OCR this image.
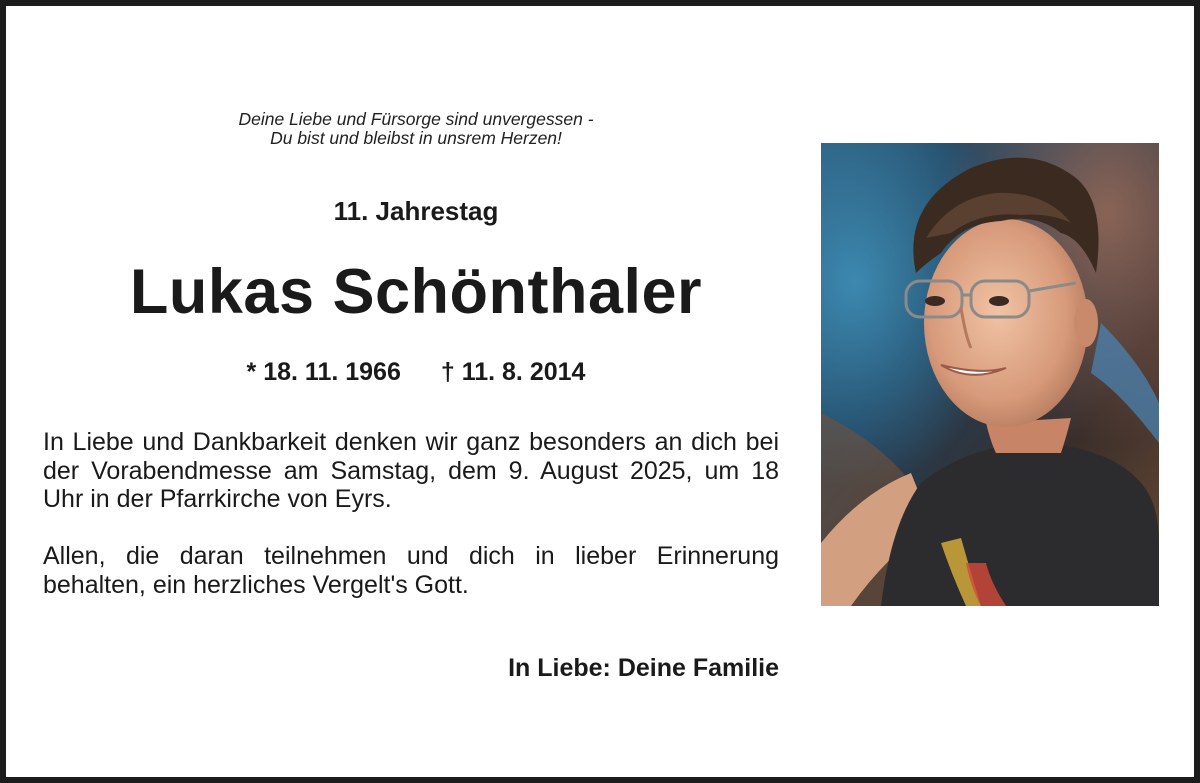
Deine Liebe und Fürsorge sind unvergessen -
Du bist und bleibst in unsrem Herzen!
11. Jahrestag
Lukas Schönthaler
* 18. 11. 1966 † 11. 8. 2014
In Liebe und Dankbarkeit denken wir ganz besonders an dich bei der Vorabendmesse am Samstag, dem 9. August 2025, um 18 Uhr in der Pfarrkirche von Eyrs.
Allen, die daran teilnehmen und dich in lieber Erinnerung behalten, ein herzliches Vergelt's Gott.
In Liebe: Deine Familie
